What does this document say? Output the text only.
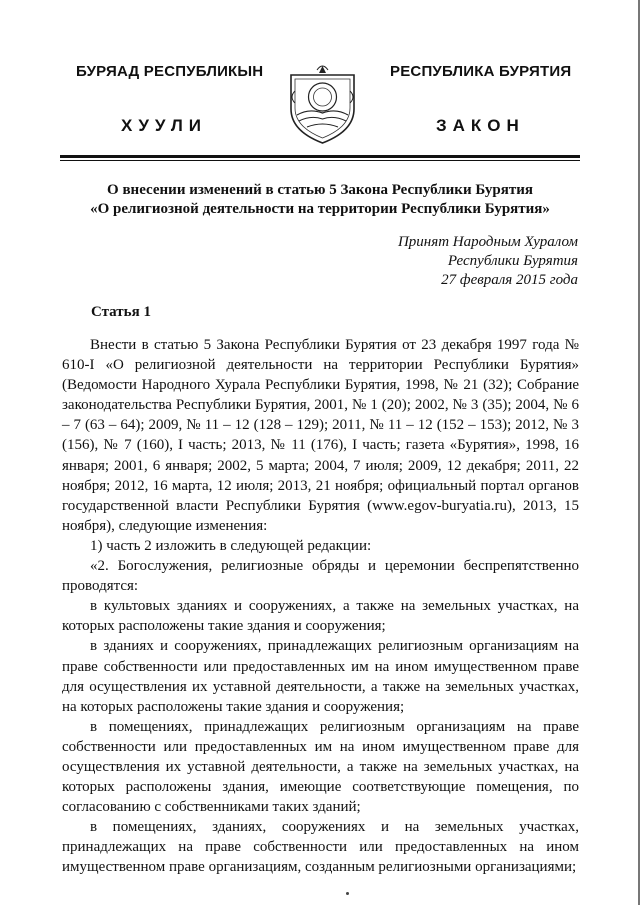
БУРЯАД РЕСПУБЛИКЫН	РЕСПУБЛИКА БУРЯТИЯ
ХУУЛИ	ЗАКОН
О внесении изменений в статью 5 Закона Республики Бурятия
«О религиозной деятельности на территории Республики Бурятия»
Принят Народным Хуралом
Республики Бурятия
27 февраля 2015 года
Статья 1

Внести в статью 5 Закона Республики Бурятия от 23 декабря 1997 года № 610-I «О религиозной деятельности на территории Республики Бурятия» (Ведомости Народного Хурала Республики Бурятия, 1998, № 21 (32); Собрание законодательства Республики Бурятия, 2001, № 1 (20); 2002, № 3 (35); 2004, № 6 – 7 (63 – 64); 2009, № 11 – 12 (128 – 129); 2011, № 11 – 12 (152 – 153); 2012, № 3 (156), № 7 (160), I часть; 2013, № 11 (176), I часть; газета «Бурятия», 1998, 16 января; 2001, 6 января; 2002, 5 марта; 2004, 7 июля; 2009, 12 декабря; 2011, 22 ноября; 2012, 16 марта, 12 июля; 2013, 21 ноября; официальный портал органов государственной власти Республики Бурятия (www.egov-buryatia.ru), 2013, 15 ноября), следующие изменения:

1) часть 2 изложить в следующей редакции:

«2. Богослужения, религиозные обряды и церемонии беспрепятственно проводятся:

в культовых зданиях и сооружениях, а также на земельных участках, на которых расположены такие здания и сооружения;

в зданиях и сооружениях, принадлежащих религиозным организациям на праве собственности или предоставленных им на ином имущественном праве для осуществления их уставной деятельности, а также на земельных участках, на которых расположены такие здания и сооружения;

в помещениях, принадлежащих религиозным организациям на праве собственности или предоставленных им на ином имущественном праве для осуществления их уставной деятельности, а также на земельных участках, на которых расположены здания, имеющие соответствующие помещения, по согласованию с собственниками таких зданий;

в помещениях, зданиях, сооружениях и на земельных участках, принадлежащих на праве собственности или предоставленных на ином имущественном праве организациям, созданным религиозными организациями;
